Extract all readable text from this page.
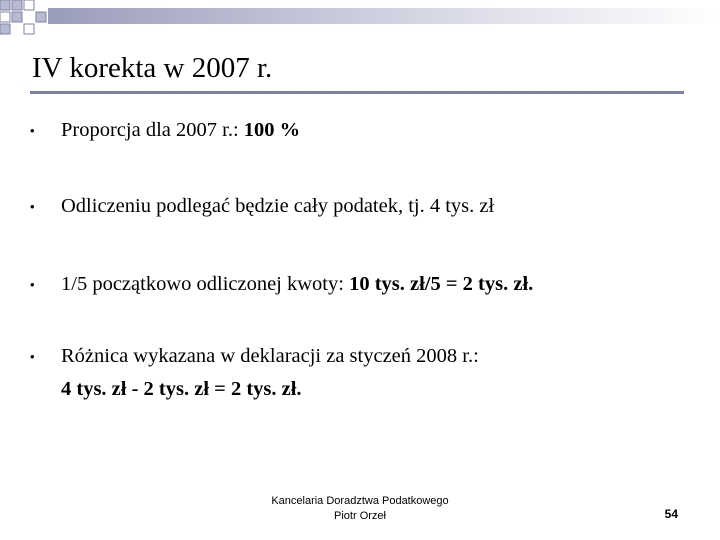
IV korekta w 2007 r.
• Proporcja dla 2007 r.: 100 %
• Odliczeniu podlegać będzie cały podatek, tj. 4 tys. zł
• 1/5 początkowo odliczonej kwoty: 10 tys. zł/5 = 2 tys. zł.
• Różnica wykazana w deklaracji za styczeń 2008 r.:
4 tys. zł - 2 tys. zł = 2 tys. zł.
Kancelaria Doradztwa Podatkowego
Piotr Orzeł	54
